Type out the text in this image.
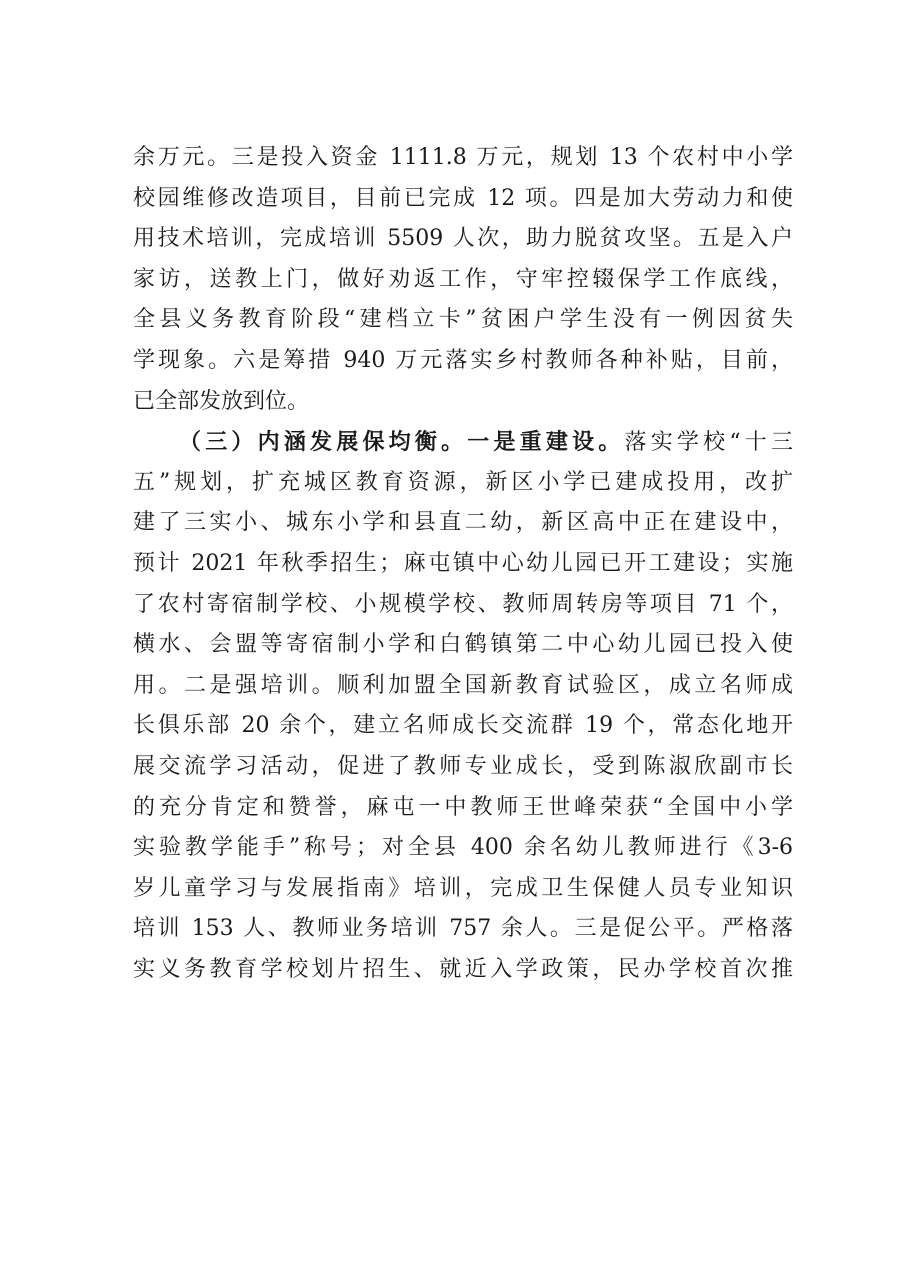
余万元。三是投入资金 1111.8 万元，规划 13 个农村中小学
校园维修改造项目，目前已完成 12 项。四是加大劳动力和使
用技术培训，完成培训 5509 人次，助力脱贫攻坚。五是入户
家访，送教上门，做好劝返工作，守牢控辍保学工作底线，
全县义务教育阶段“建档立卡”贫困户学生没有一例因贫失
学现象。六是筹措 940 万元落实乡村教师各种补贴，目前，
已全部发放到位。
（三）内涵发展保均衡。一是重建设。落实学校“十三
五”规划，扩充城区教育资源，新区小学已建成投用，改扩
建了三实小、城东小学和县直二幼，新区高中正在建设中，
预计 2021 年秋季招生；麻屯镇中心幼儿园已开工建设；实施
了农村寄宿制学校、小规模学校、教师周转房等项目 71 个，
横水、会盟等寄宿制小学和白鹤镇第二中心幼儿园已投入使
用。二是强培训。顺利加盟全国新教育试验区，成立名师成
长俱乐部 20 余个，建立名师成长交流群 19 个，常态化地开
展交流学习活动，促进了教师专业成长，受到陈淑欣副市长
的充分肯定和赞誉，麻屯一中教师王世峰荣获“全国中小学
实验教学能手”称号；对全县 400 余名幼儿教师进行《3-6
岁儿童学习与发展指南》培训，完成卫生保健人员专业知识
培训 153 人、教师业务培训 757 余人。三是促公平。严格落
实义务教育学校划片招生、就近入学政策，民办学校首次推
